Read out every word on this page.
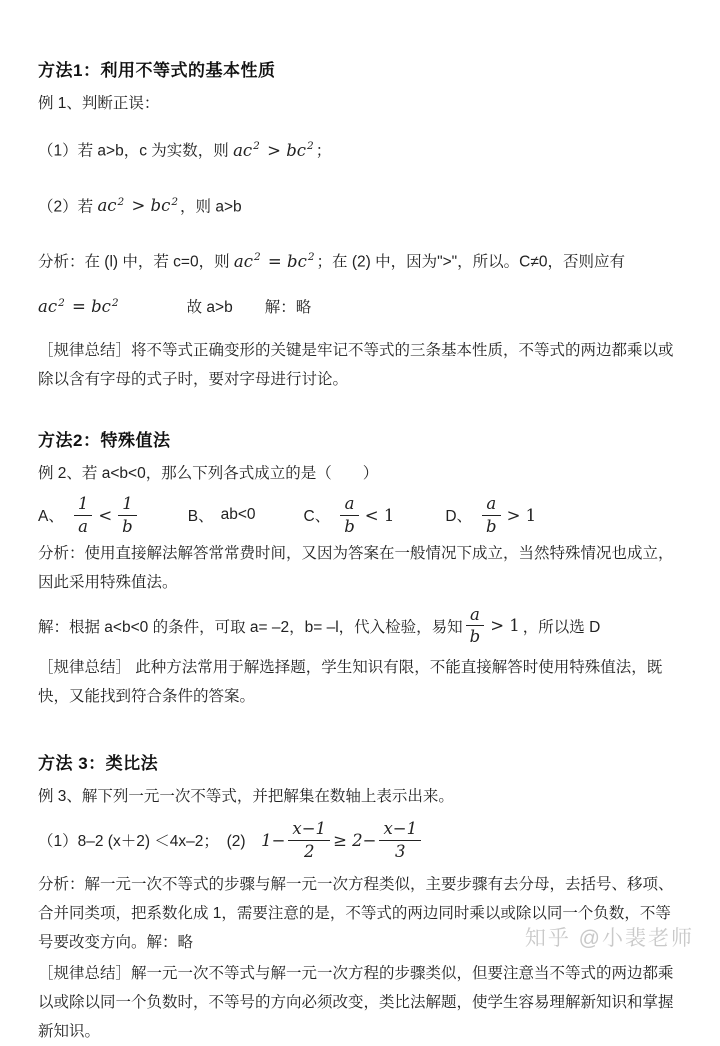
方法1：利用不等式的基本性质

例 1、判断正误：

（1）若 a>b，c 为实数，则 $ac^2 > bc^2$ ；

（2）若 $ac^2 > bc^2$ ，则 a>b

分析：在 (l) 中，若 c=0，则 $ac^2 = bc^2$ ；在 (2) 中，因为">"，所以。C≠0，否则应有

$ac^2 = bc^2$	故 a>b 解：略

［规律总结］将不等式正确变形的关键是牢记不等式的三条基本性质，不等式的两边都乘以或除以含有字母的式子时，要对字母进行讨论。

方法2：特殊值法

例 2、若 a<b<0，那么下列各式成立的是（　　）

A、 $\frac{1}{a} < \frac{1}{b}$	B、 ab<0	C、 $\frac{a}{b} < 1$	D、 $\frac{a}{b} > 1$

分析：使用直接解法解答常常费时间，又因为答案在一般情况下成立，当然特殊情况也成立，因此采用特殊值法。

解：根据 a<b<0 的条件，可取 a= –2，b= –l，代入检验，易知 $\frac{a}{b} > 1$ ，所以选 D

［规律总结］ 此种方法常用于解选择题，学生知识有限，不能直接解答时使用特殊值法，既快，又能找到符合条件的答案。

方法 3：类比法

例 3、解下列一元一次不等式，并把解集在数轴上表示出来。

（1）8–2 (x＋2) ＜4x–2；　(2)　 $1- \frac{x-1}{2} \ge 2- \frac{x-1}{3}$

分析：解一元一次不等式的步骤与解一元一次方程类似，主要步骤有去分母，去括号、移项、合并同类项，把系数化成 1，需要注意的是，不等式的两边同时乘以或除以同一个负数，不等号要改变方向。解：略

［规律总结］解一元一次不等式与解一元一次方程的步骤类似，但要注意当不等式的两边都乘以或除以同一个负数时，不等号的方向必须改变，类比法解题，使学生容易理解新知识和掌握新知识。

知乎 @小裴老师
